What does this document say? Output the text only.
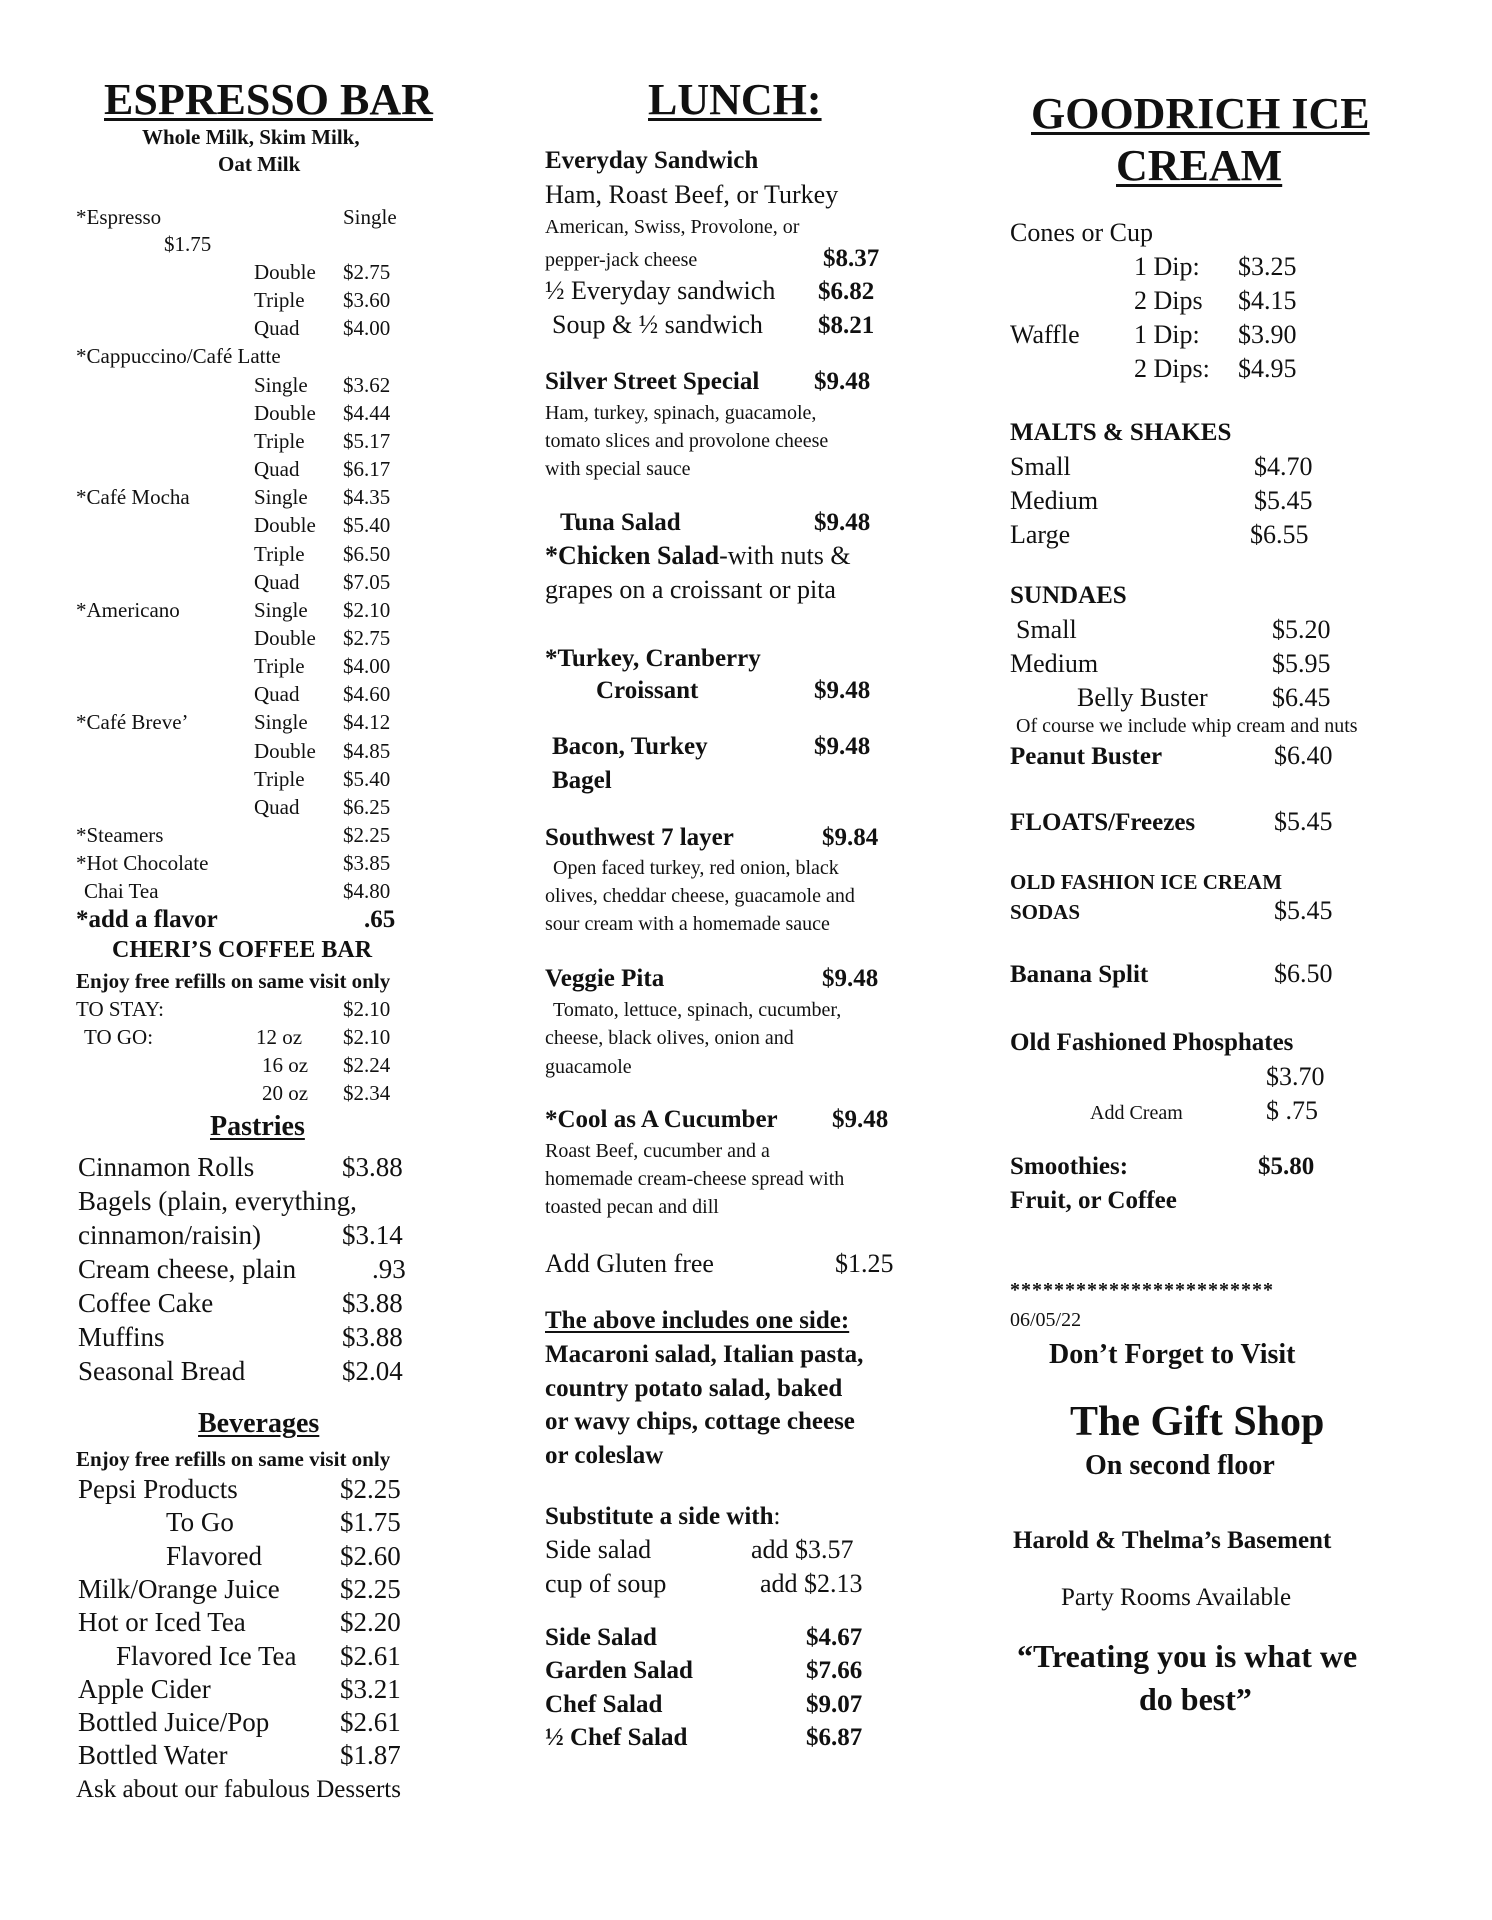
ESPRESSO BAR
Whole Milk, Skim Milk,
Oat Milk
*Espresso	Single
$1.75
Double $2.75
Triple $3.60
Quad $4.00
*Cappuccino/Café Latte
Single $3.62
Double $4.44
Triple $5.17
Quad $6.17
*Café Mocha	Single $4.35
Double $5.40
Triple $6.50
Quad $7.05
*Americano	Single $2.10
Double $2.75
Triple $4.00
Quad $4.60
*Café Breve’	Single $4.12
Double $4.85
Triple $5.40
Quad $6.25
*Steamers	$2.25
*Hot Chocolate	$3.85
Chai Tea	$4.80
*add a flavor	.65
CHERI’S COFFEE BAR
Enjoy free refills on same visit only
TO STAY:	$2.10
TO GO:	12 oz $2.10
16 oz $2.24
20 oz $2.34
Pastries
Cinnamon Rolls	$3.88
Bagels (plain, everything,
cinnamon/raisin)	$3.14
Cream cheese, plain	.93
Coffee Cake	$3.88
Muffins	$3.88
Seasonal Bread	$2.04
Beverages
Enjoy free refills on same visit only
Pepsi Products	$2.25
To Go	$1.75
Flavored	$2.60
Milk/Orange Juice $2.25
Hot or Iced Tea	$2.20
Flavored Ice Tea $2.61
Apple Cider	$3.21
Bottled Juice/Pop	$2.61
Bottled Water	$1.87
Ask about our fabulous Desserts
LUNCH:
Everyday Sandwich
Ham, Roast Beef, or Turkey
American, Swiss, Provolone, or
pepper-jack cheese	$8.37
½ Everyday sandwich $6.82
Soup & ½ sandwich $8.21
Silver Street Special $9.48
Ham, turkey, spinach, guacamole,
tomato slices and provolone cheese
with special sauce
Tuna Salad	$9.48
*Chicken Salad-with nuts &
grapes on a croissant or pita
*Turkey, Cranberry
Croissant	$9.48
Bacon, Turkey	$9.48
Bagel
Southwest 7 layer	$9.84
Open faced turkey, red onion, black
olives, cheddar cheese, guacamole and
sour cream with a homemade sauce
Veggie Pita	$9.48
Tomato, lettuce, spinach, cucumber,
cheese, black olives, onion and
guacamole
*Cool as A Cucumber $9.48
Roast Beef, cucumber and a
homemade cream-cheese spread with
toasted pecan and dill
Add Gluten free	$1.25
The above includes one side:
Macaroni salad, Italian pasta,
country potato salad, baked
or wavy chips, cottage cheese
or coleslaw
Substitute a side with:
Side salad	add $3.57
cup of soup	add $2.13
Side Salad	$4.67
Garden Salad	$7.66
Chef Salad	$9.07
½ Chef Salad	$6.87
GOODRICH ICE
CREAM
Cones or Cup
1 Dip: $3.25
2 Dips $4.15
Waffle 1 Dip: $3.90
2 Dips: $4.95
MALTS & SHAKES
Small	$4.70
Medium	$5.45
Large	$6.55
SUNDAES
Small	$5.20
Medium	$5.95
Belly Buster $6.45
Of course we include whip cream and nuts
Peanut Buster	$6.40
FLOATS/Freezes	$5.45
OLD FASHION ICE CREAM
SODAS	$5.45
Banana Split	$6.50
Old Fashioned Phosphates
$3.70
Add Cream	$ .75
Smoothies:	$5.80
Fruit, or Coffee
************************
06/05/22
Don’t Forget to Visit
The Gift Shop
On second floor
Harold & Thelma’s Basement
Party Rooms Available
“Treating you is what we
do best”
